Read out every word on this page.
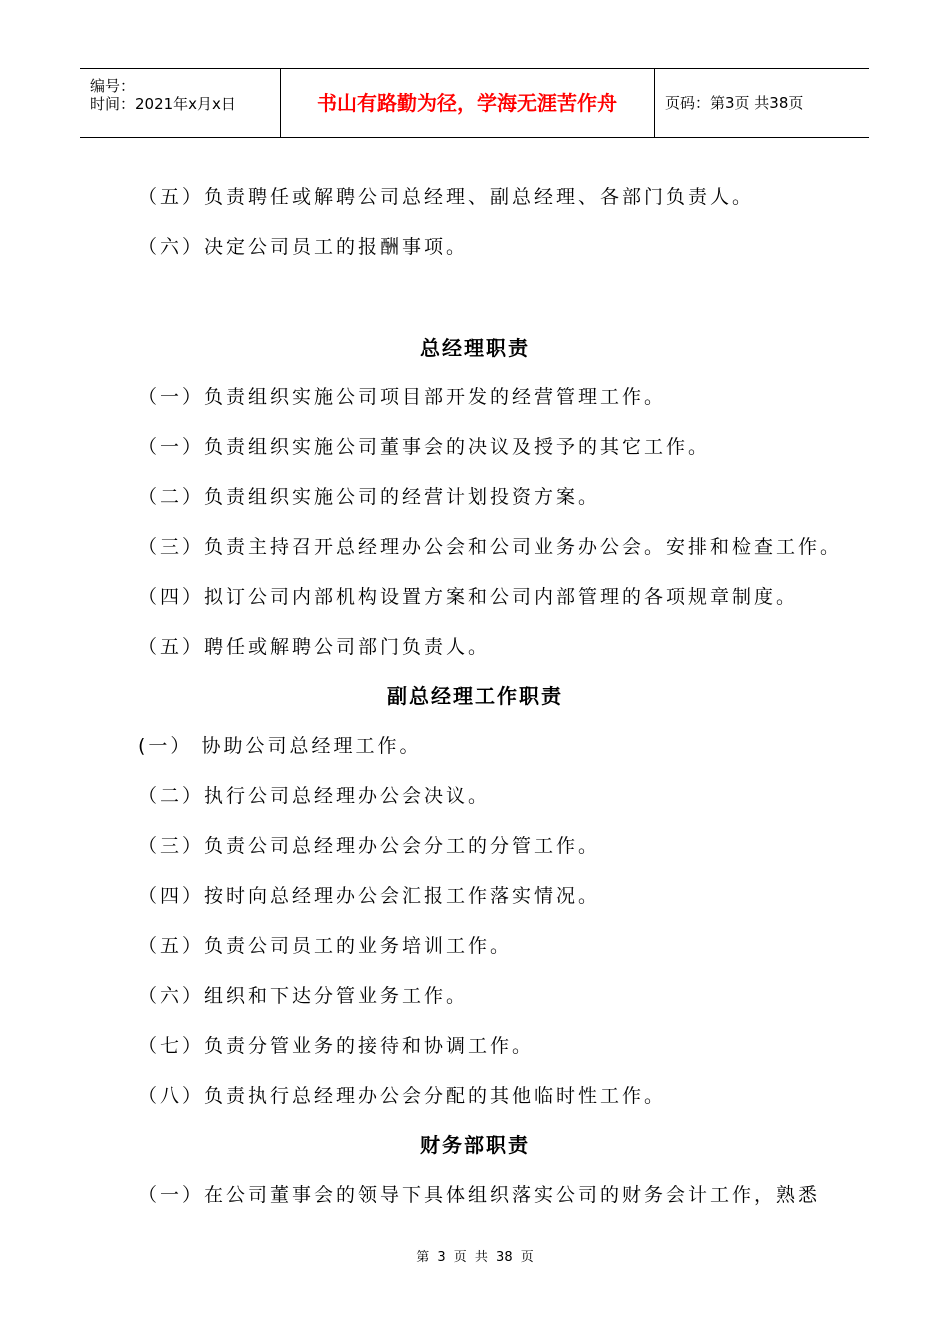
编号：
时间：2021年x月x日	书山有路勤为径，学海无涯苦作舟	页码：第3页 共38页
（五）负责聘任或解聘公司总经理、副总经理、各部门负责人。
（六）决定公司员工的报酬事项。
总经理职责
（一）负责组织实施公司项目部开发的经营管理工作。
（一）负责组织实施公司董事会的决议及授予的其它工作。
（二）负责组织实施公司的经营计划投资方案。
（三）负责主持召开总经理办公会和公司业务办公会。安排和检查工作。
（四）拟订公司内部机构设置方案和公司内部管理的各项规章制度。
（五）聘任或解聘公司部门负责人。
副总经理工作职责
(一） 协助公司总经理工作。
（二）执行公司总经理办公会决议。
（三）负责公司总经理办公会分工的分管工作。
（四）按时向总经理办公会汇报工作落实情况。
（五）负责公司员工的业务培训工作。
（六）组织和下达分管业务工作。
（七）负责分管业务的接待和协调工作。
（八）负责执行总经理办公会分配的其他临时性工作。
财务部职责
（一）在公司董事会的领导下具体组织落实公司的财务会计工作，熟悉
第 3 页 共 38 页
